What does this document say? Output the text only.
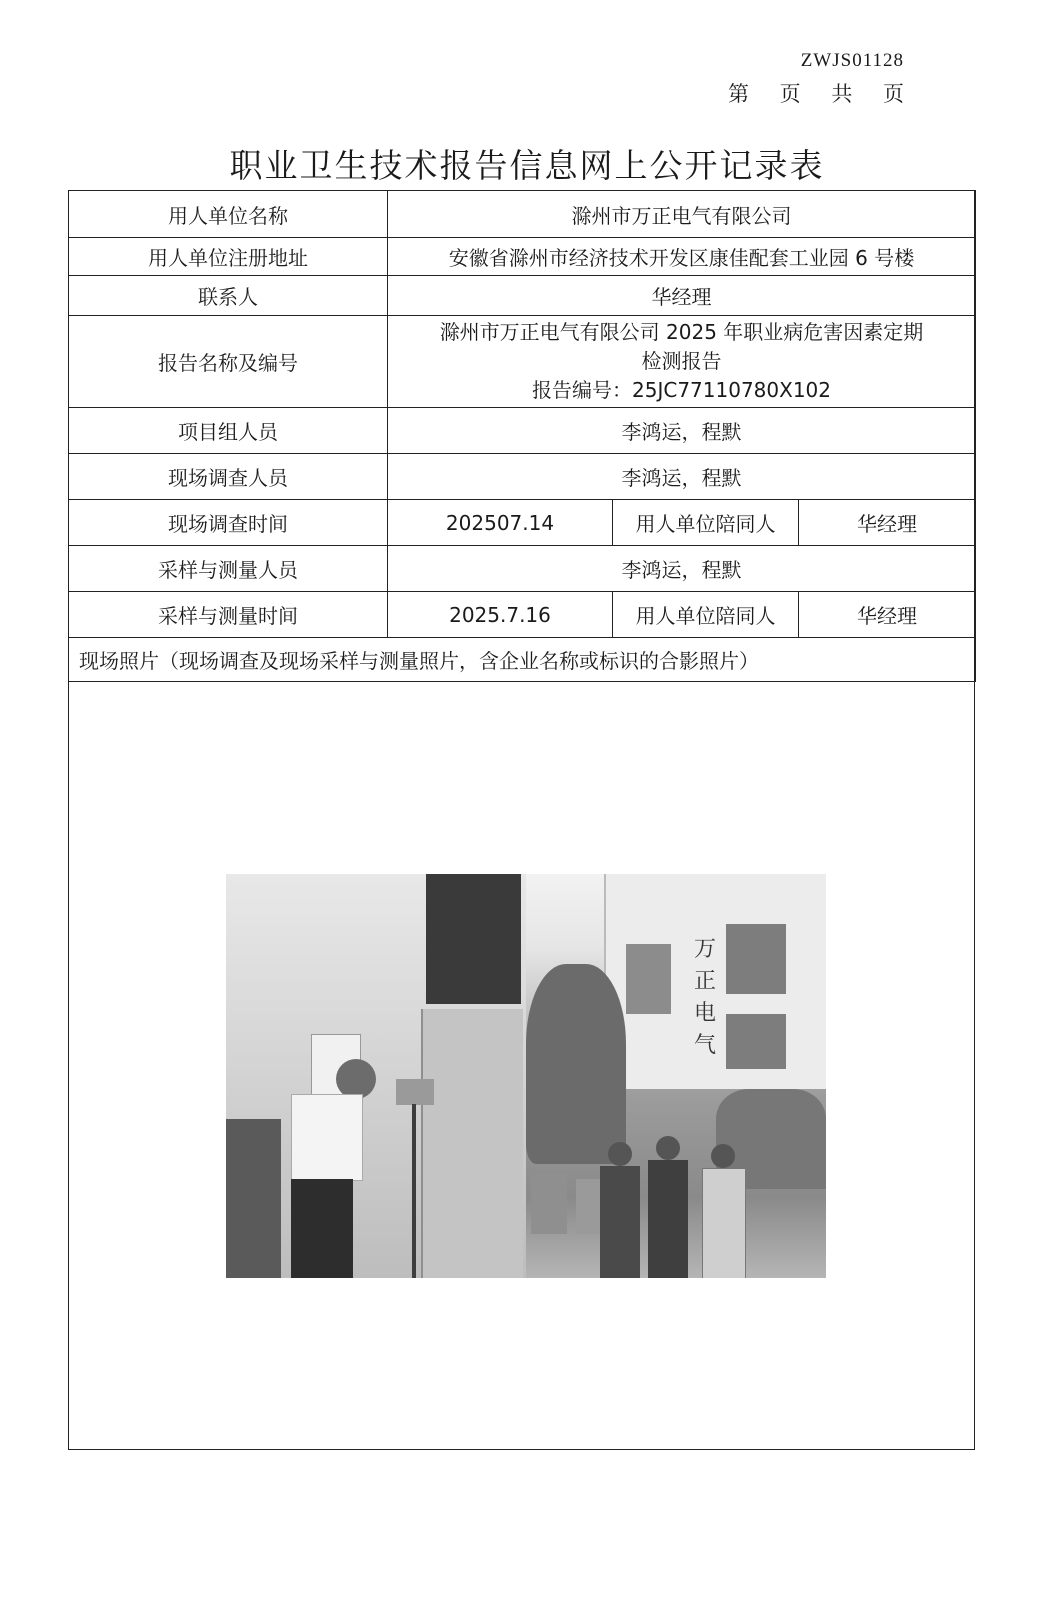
ZWJS01128
第 页 共 页
职业卫生技术报告信息网上公开记录表
用人单位名称	滁州市万正电气有限公司		
用人单位注册地址	安徽省滁州市经济技术开发区康佳配套工业园 6 号楼		
联系人	华经理		
报告名称及编号	滁州市万正电气有限公司 2025 年职业病危害因素定期
检测报告
报告编号：25JC77110780X102		

项目组人员	李鸿运，程默		
现场调查人员	李鸿运，程默		
现场调查时间	202507.14	用人单位陪同人	华经理
采样与测量人员	李鸿运，程默		
采样与测量时间	2025.7.16	用人单位陪同人	华经理
现场照片（现场调查及现场采样与测量照片，含企业名称或标识的合影照片）			
万
正
电
气
